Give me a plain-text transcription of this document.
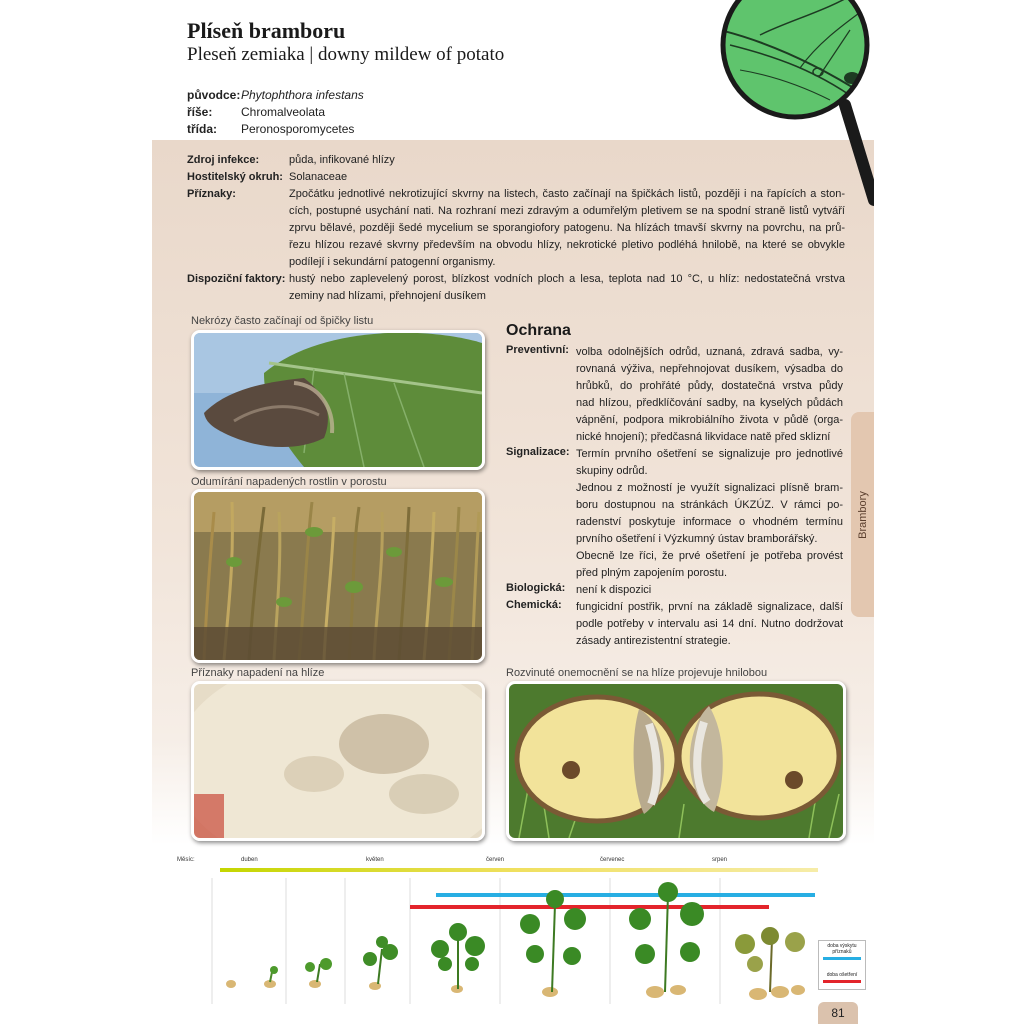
Plíseň bramboru
Pleseň zemiaka | downy mildew of potato
původce:Phytophthora infestans
říše: Chromalveolata
třída: Peronosporomycetes
Zdroj infekce:	půda, infikované hlízy
Hostitelský okruh: Solanaceae
Příznaky:	Zpočátku jednotlivé nekrotizující skvrny na listech, často začínají na špičkách listů, později i na řapících a ston-
cích, postupné usychání nati. Na rozhraní mezi zdravým a odumřelým pletivem se na spodní straně listů vytváří
zprvu bělavé, později šedé mycelium se sporangiofory patogenu. Na hlízách tmavší skvrny na povrchu, na prů-
řezu hlízou rezavé skvrny především na obvodu hlízy, nekrotické pletivo podléhá hnilobě, na které se obvykle
podílejí i sekundární patogenní organismy.
Dispoziční faktory: hustý nebo zaplevelený porost, blízkost vodních ploch a lesa, teplota nad 10 °C, u hlíz: nedostatečná vrstva
zeminy nad hlízami, přehnojení dusíkem
Nekrózy často začínají od špičky listu
Odumírání napadených rostlin v porostu
Příznaky napadení na hlíze
Ochrana
Preventivní: volba odolnějších odrůd, uznaná, zdravá sadba, vy-
rovnaná výživa, nepřehnojovat dusíkem, výsadba do
hrůbků, do prohřáté půdy, dostatečná vrstva půdy
nad hlízou, předklíčování sadby, na kyselých půdách
vápnění, podpora mikrobiálního života v půdě (orga-
nické hnojení); předčasná likvidace natě před sklizní
Signalizace: Termín prvního ošetření se signalizuje pro jednotlivé
skupiny odrůd.
Jednou z možností je využít signalizaci plísně bram-
boru dostupnou na stránkách ÚKZÚZ. V rámci po-
radenství poskytuje informace o vhodném termínu
prvního ošetření i Výzkumný ústav bramborářský.
Obecně lze říci, že prvé ošetření je potřeba provést
před plným zapojením porostu.
Biologická: není k dispozici
Chemická: fungicidní postřik, první na základě signalizace, další
podle potřeby v intervalu asi 14 dní. Nutno dodržovat
zásady antirezistentní strategie.
Rozvinuté onemocnění se na hlíze projevuje hnilobou
Brambory
Měsíc:	duben	květen	červen	červenec	srpen
doba výskytu příznaků
doba ošetření
81
